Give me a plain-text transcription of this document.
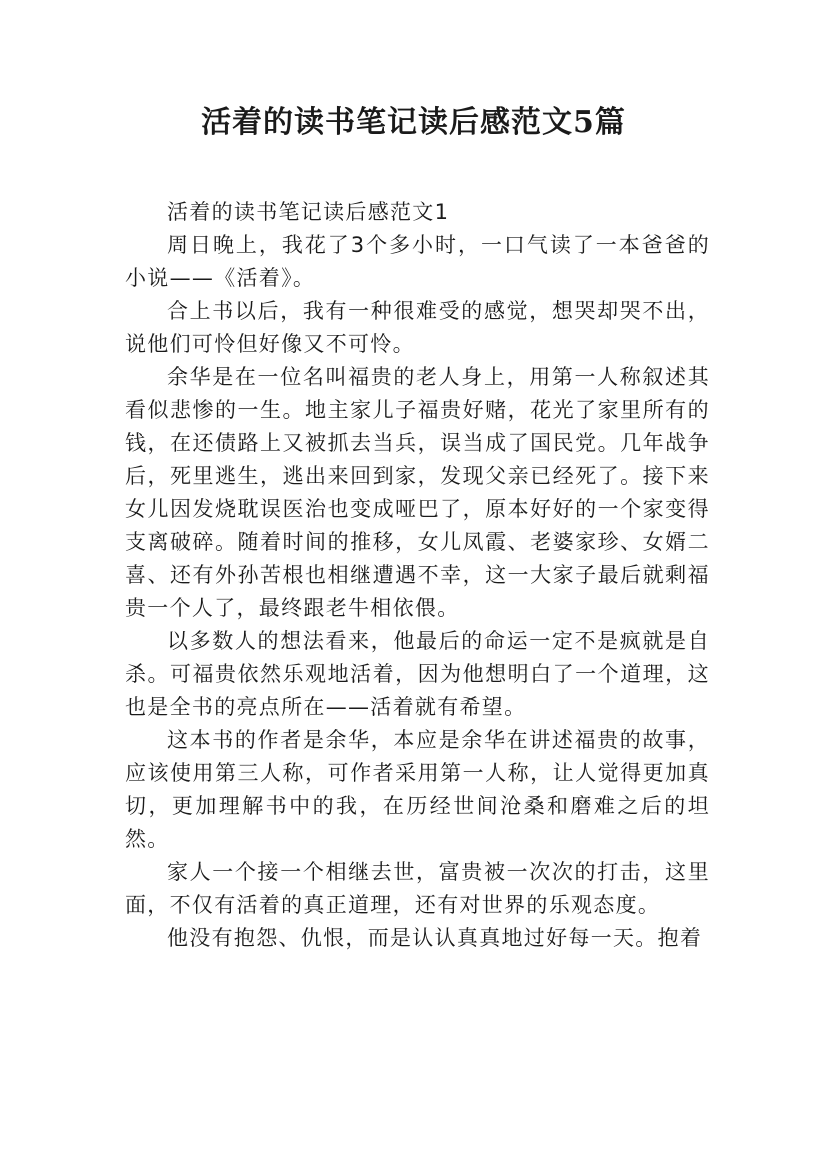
活着的读书笔记读后感范文5篇

活着的读书笔记读后感范文1

周日晚上，我花了3个多小时，一口气读了一本爸爸的小说——《活着》。

合上书以后，我有一种很难受的感觉，想哭却哭不出，说他们可怜但好像又不可怜。

余华是在一位名叫福贵的老人身上，用第一人称叙述其看似悲惨的一生。地主家儿子福贵好赌，花光了家里所有的钱，在还债路上又被抓去当兵，误当成了国民党。几年战争后，死里逃生，逃出来回到家，发现父亲已经死了。接下来女儿因发烧耽误医治也变成哑巴了，原本好好的一个家变得支离破碎。随着时间的推移，女儿凤霞、老婆家珍、女婿二喜、还有外孙苦根也相继遭遇不幸，这一大家子最后就剩福贵一个人了，最终跟老牛相依偎。

以多数人的想法看来，他最后的命运一定不是疯就是自杀。可福贵依然乐观地活着，因为他想明白了一个道理，这也是全书的亮点所在——活着就有希望。

这本书的作者是余华，本应是余华在讲述福贵的故事，应该使用第三人称，可作者采用第一人称，让人觉得更加真切，更加理解书中的我，在历经世间沧桑和磨难之后的坦然。

家人一个接一个相继去世，富贵被一次次的打击，这里面，不仅有活着的真正道理，还有对世界的乐观态度。

他没有抱怨、仇恨，而是认认真真地过好每一天。抱着
